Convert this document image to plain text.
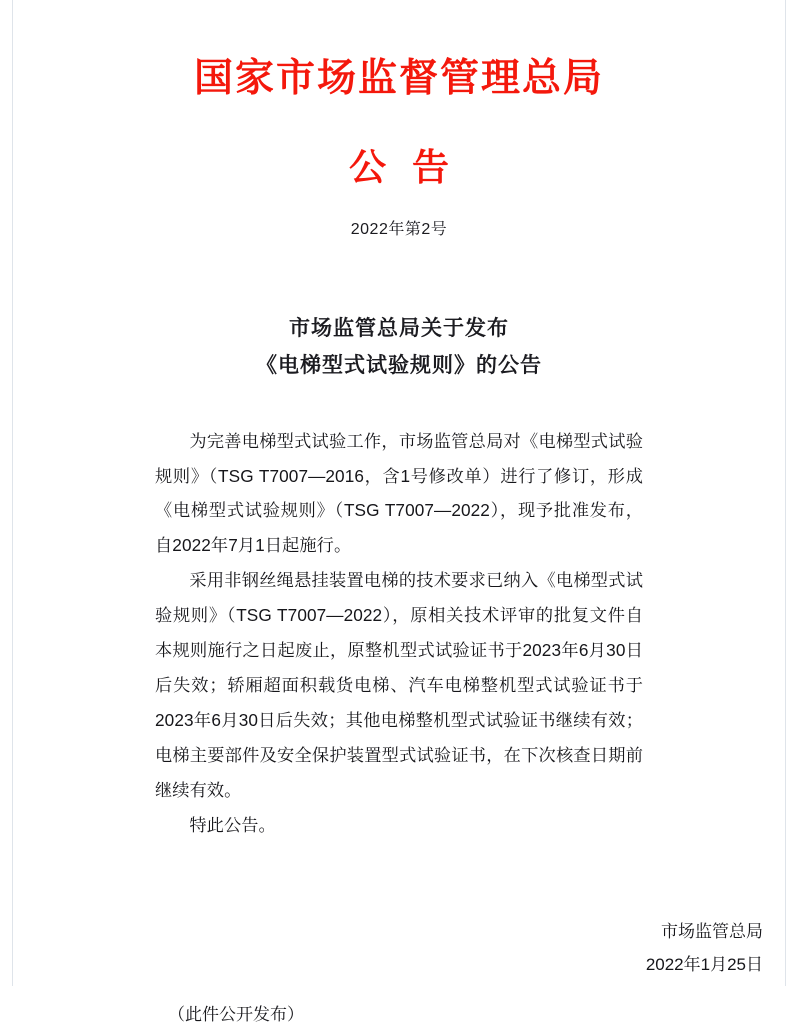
国家市场监督管理总局
公告
2022年第2号
市场监管总局关于发布
《电梯型式试验规则》的公告

为完善电梯型式试验工作，市场监管总局对《电梯型式试验规则》（TSG T7007—2016，含1号修改单）进行了修订，形成《电梯型式试验规则》（TSG T7007—2022），现予批准发布，自2022年7月1日起施行。

采用非钢丝绳悬挂装置电梯的技术要求已纳入《电梯型式试验规则》（TSG T7007—2022），原相关技术评审的批复文件自本规则施行之日起废止，原整机型式试验证书于2023年6月30日后失效；轿厢超面积载货电梯、汽车电梯整机型式试验证书于2023年6月30日后失效；其他电梯整机型式试验证书继续有效；电梯主要部件及安全保护装置型式试验证书，在下次核查日期前继续有效。

特此公告。

市场监管总局
2022年1月25日
（此件公开发布）
